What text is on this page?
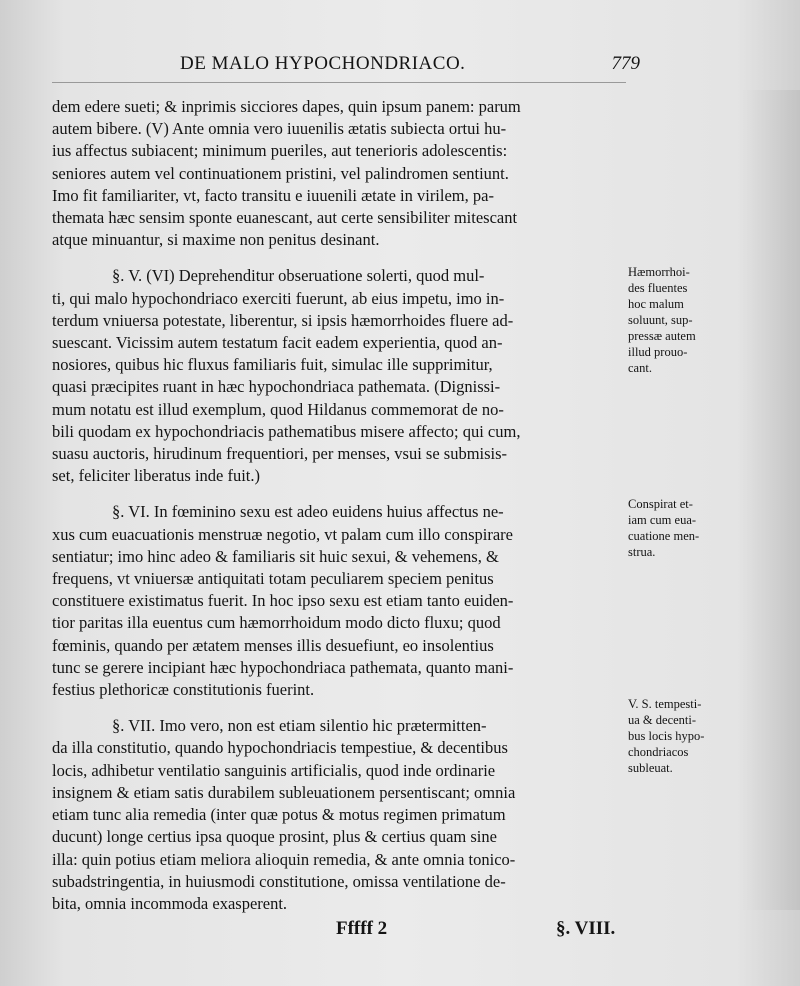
DE MALO HYPOCHONDRIACO.	779
dem edere sueti; & inprimis sicciores dapes, quin ipsum panem: parum
autem bibere. (V) Ante omnia vero iuuenilis ætatis subiecta ortui hu-
ius affectus subiacent; minimum pueriles, aut tenerioris adolescentis:
seniores autem vel continuationem pristini, vel palindromen sentiunt.
Imo fit familiariter, vt, facto transitu e iuuenili ætate in virilem, pa-
themata hæc sensim sponte euanescant, aut certe sensibiliter mitescant
atque minuantur, si maxime non penitus desinant.
§. V. (VI) Deprehenditur obseruatione solerti, quod mul-
ti, qui malo hypochondriaco exerciti fuerunt, ab eius impetu, imo in-
terdum vniuersa potestate, liberentur, si ipsis hæmorrhoides fluere ad-
suescant. Vicissim autem testatum facit eadem experientia, quod an-
nosiores, quibus hic fluxus familiaris fuit, simulac ille supprimitur,
quasi præcipites ruant in hæc hypochondriaca pathemata. (Dignissi-
mum notatu est illud exemplum, quod Hildanus commemorat de no-
bili quodam ex hypochondriacis pathematibus misere affecto; qui cum,
suasu auctoris, hirudinum frequentiori, per menses, vsui se submisis-
set, feliciter liberatus inde fuit.)
§. VI. In fœminino sexu est adeo euidens huius affectus ne-
xus cum euacuationis menstruæ negotio, vt palam cum illo conspirare
sentiatur; imo hinc adeo & familiaris sit huic sexui, & vehemens, &
frequens, vt vniuersæ antiquitati totam peculiarem speciem penitus
constituere existimatus fuerit. In hoc ipso sexu est etiam tanto euiden-
tior paritas illa euentus cum hæmorrhoidum modo dicto fluxu; quod
fœminis, quando per ætatem menses illis desuefiunt, eo insolentius
tunc se gerere incipiant hæc hypochondriaca pathemata, quanto mani-
festius plethoricæ constitutionis fuerint.
§. VII. Imo vero, non est etiam silentio hic prætermitten-
da illa constitutio, quando hypochondriacis tempestiue, & decentibus
locis, adhibetur ventilatio sanguinis artificialis, quod inde ordinarie
insignem & etiam satis durabilem subleuationem persentiscant; omnia
etiam tunc alia remedia (inter quæ potus & motus regimen primatum
ducunt) longe certius ipsa quoque prosint, plus & certius quam sine
illa: quin potius etiam meliora alioquin remedia, & ante omnia tonico-
subadstringentia, in huiusmodi constitutione, omissa ventilatione de-
bita, omnia incommoda exasperent.
Hæmorrhoi-
des fluentes
hoc malum
soluunt, sup-
pressæ autem
illud prouo-
cant.
Conspirat et-
iam cum eua-
cuatione men-
strua.
V. S. tempesti-
ua & decenti-
bus locis hypo-
chondriacos
subleuat.
Fffff 2	§. VIII.
